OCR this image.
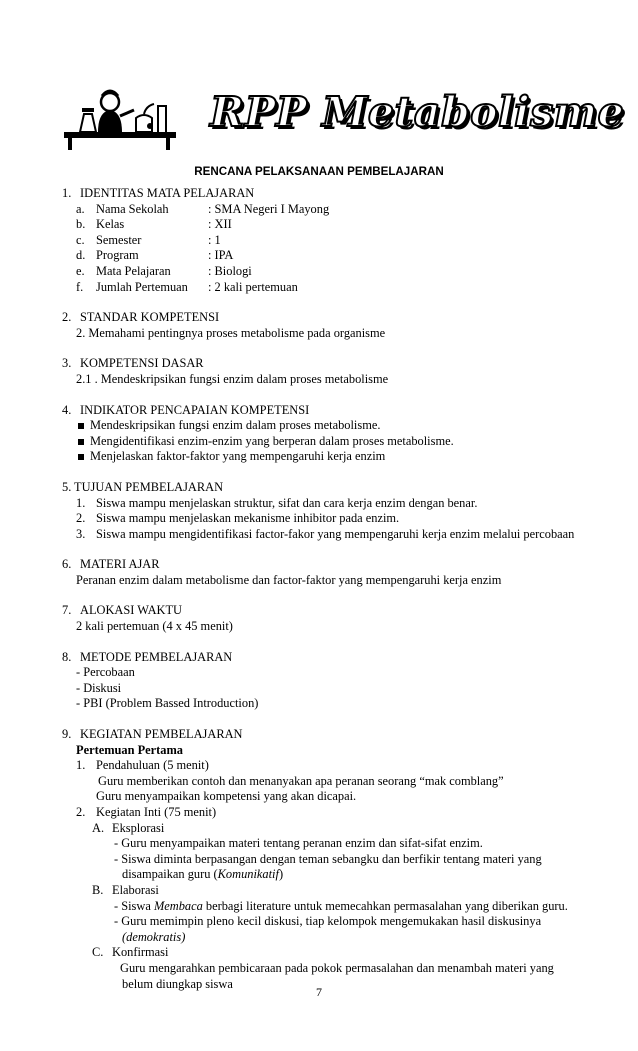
RPP Metabolisme
RENCANA PELAKSANAAN PEMBELAJARAN
1. IDENTITAS MATA PELAJARAN
a. Nama Sekolah	: SMA Negeri I Mayong
b. Kelas	: XII
c. Semester	: 1
d. Program	: IPA
e. Mata Pelajaran	: Biologi
f.	Jumlah Pertemuan	: 2 kali pertemuan
2. STANDAR KOMPETENSI
2. Memahami pentingnya proses metabolisme pada organisme
3. KOMPETENSI DASAR
2.1 . Mendeskripsikan fungsi enzim dalam proses metabolisme
4. INDIKATOR PENCAPAIAN KOMPETENSI
Mendeskripsikan fungsi enzim dalam proses metabolisme.
Mengidentifikasi enzim-enzim yang berperan dalam proses metabolisme.
Menjelaskan faktor-faktor yang mempengaruhi kerja enzim
5. TUJUAN PEMBELAJARAN
1. Siswa mampu menjelaskan struktur, sifat dan cara kerja enzim dengan benar.
2. Siswa mampu menjelaskan mekanisme inhibitor pada enzim.
3. Siswa mampu mengidentifikasi factor-fakor yang mempengaruhi kerja enzim melalui percobaan
6. MATERI AJAR
Peranan enzim dalam metabolisme dan factor-faktor yang mempengaruhi kerja enzim
7. ALOKASI WAKTU
2 kali pertemuan (4 x 45 menit)
8. METODE PEMBELAJARAN
- Percobaan
- Diskusi
- PBI (Problem Bassed Introduction)
9. KEGIATAN PEMBELAJARAN
Pertemuan Pertama
1. Pendahuluan (5 menit)
Guru memberikan contoh dan menanyakan apa peranan seorang “mak comblang”
Guru menyampaikan kompetensi yang akan dicapai.
2. Kegiatan Inti (75 menit)
A. Eksplorasi
- Guru menyampaikan materi tentang peranan enzim dan sifat-sifat enzim.
- Siswa diminta berpasangan dengan teman sebangku dan berfikir tentang materi yang
disampaikan guru (Komunikatif)
B. Elaborasi
- Siswa Membaca berbagi literature untuk memecahkan permasalahan yang diberikan guru.
- Guru memimpin pleno kecil diskusi, tiap kelompok mengemukakan hasil diskusinya
(demokratis)
C. Konfirmasi
Guru mengarahkan pembicaraan pada pokok permasalahan dan menambah materi yang
belum diungkap siswa
7
